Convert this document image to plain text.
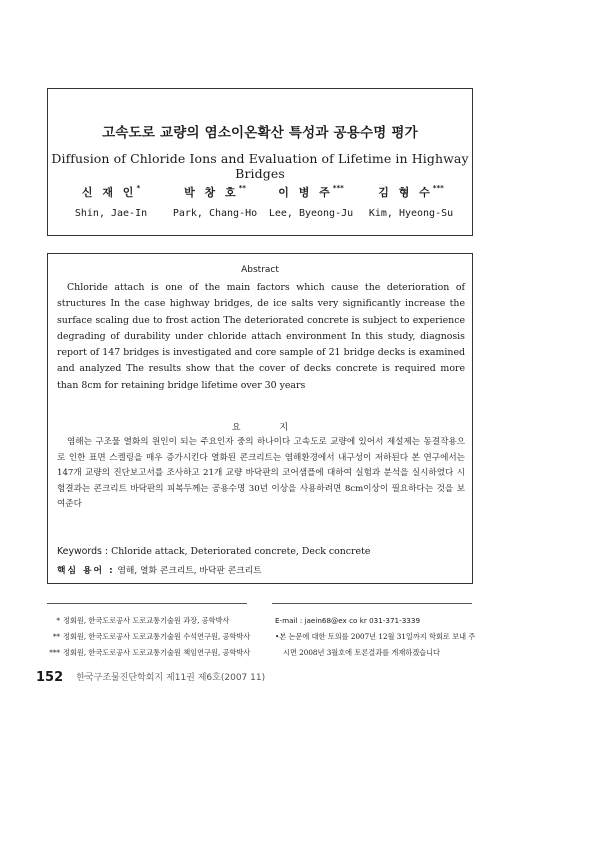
고속도로 교량의 염소이온확산 특성과 공용수명 평가
Diffusion of Chloride Ions and Evaluation of Lifetime in Highway Bridges
신 재 인*
Shin, Jae-In
박 창 호**
Park, Chang-Ho
이 병 주***
Lee, Byeong-Ju
김 형 수***
Kim, Hyeong-Su
Abstract
Chloride attach is one of the main factors which cause the deterioration of structures In the case highway bridges, de ice salts very significantly increase the surface scaling due to frost action The deteriorated concrete is subject to experience degrading of durability under chloride attach environment In this study, diagnosis report of 147 bridges is investigated and core sample of 21 bridge decks is examined and analyzed The results show that the cover of decks concrete is required more than 8cm for retaining bridge lifetime over 30 years
요 지
염해는 구조물 열화의 원인이 되는 주요인자 중의 하나이다 고속도로 교량에 있어서 제설제는 동결작용으로 인한 표면 스켈링을 매우 증가시킨다 열화된 콘크리트는 염해환경에서 내구성이 저하된다 본 연구에서는 147개 교량의 진단보고서를 조사하고 21개 교량 바닥판의 코어샘플에 대하여 실험과 분석을 실시하였다 시험결과는 콘크리트 바닥판의 피복두께는 공용수명 30년 이상을 사용하려면 8cm이상이 필요하다는 것을 보여준다
Keywords : Chloride attack, Deteriorated concrete, Deck concrete
핵심 용어 : 염해, 열화 콘크리트, 바닥판 콘크리트
* 정회원, 한국도로공사 도로교통기술원 과장, 공학박사
** 정회원, 한국도로공사 도로교통기술원 수석연구원, 공학박사
*** 정회원, 한국도로공사 도로교통기술원 책임연구원, 공학박사
E-mail : jaein68@ex co kr 031-371-3339
•본 논문에 대한 토의를 2007년 12월 31일까지 학회로 보내 주시면 2008년 3월호에 토론결과를 게재하겠습니다
152 한국구조물진단학회지 제11권 제6호(2007 11)
